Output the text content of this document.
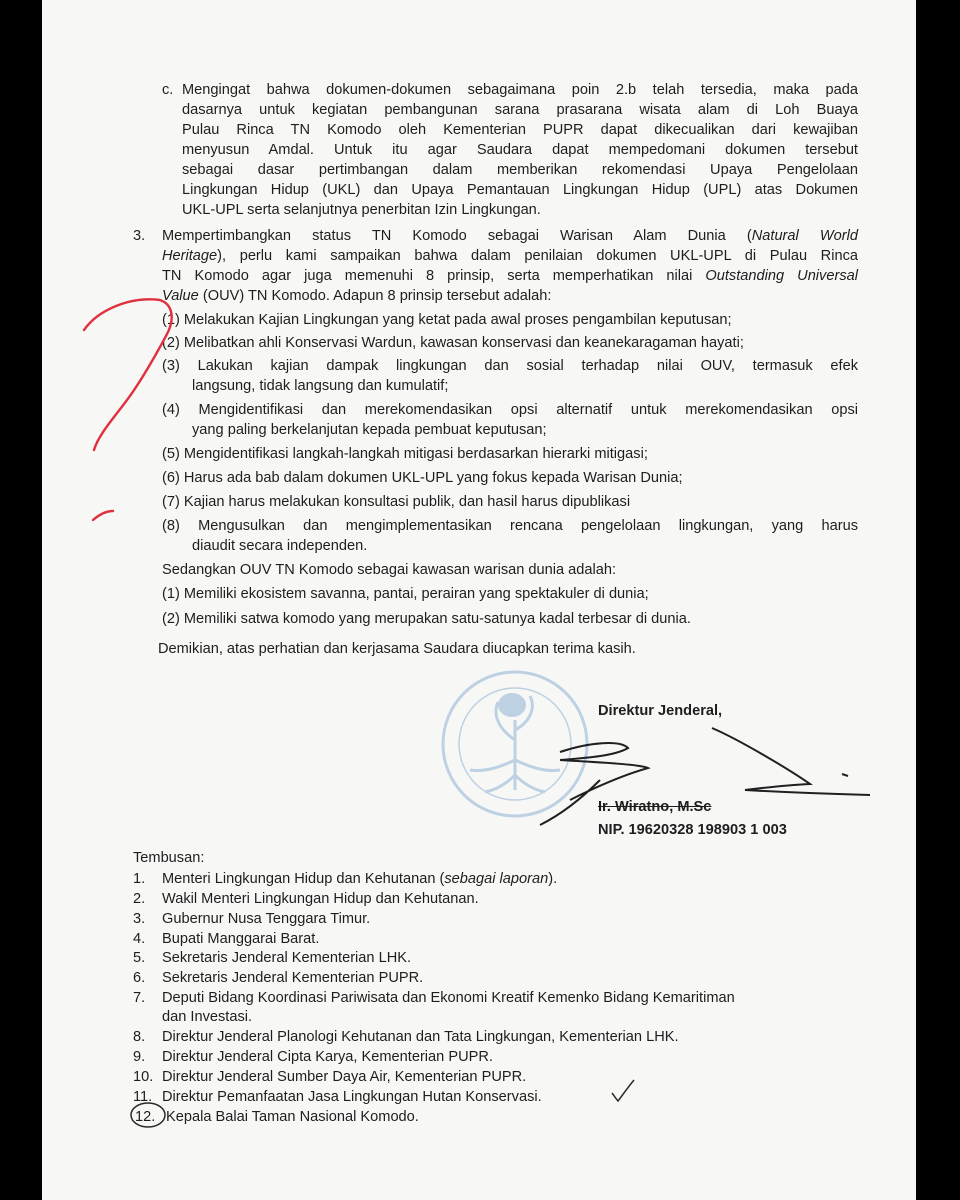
c. Mengingat bahwa dokumen-dokumen sebagaimana poin 2.b telah tersedia, maka pada
dasarnya untuk kegiatan pembangunan sarana prasarana wisata alam di Loh Buaya
Pulau Rinca TN Komodo oleh Kementerian PUPR dapat dikecualikan dari kewajiban
menyusun Amdal. Untuk itu agar Saudara dapat mempedomani dokumen tersebut
sebagai dasar pertimbangan dalam memberikan rekomendasi Upaya Pengelolaan
Lingkungan Hidup (UKL) dan Upaya Pemantauan Lingkungan Hidup (UPL) atas Dokumen
UKL-UPL serta selanjutnya penerbitan Izin Lingkungan.
3. Mempertimbangkan status TN Komodo sebagai Warisan Alam Dunia (Natural World
Heritage), perlu kami sampaikan bahwa dalam penilaian dokumen UKL-UPL di Pulau Rinca
TN Komodo agar juga memenuhi 8 prinsip, serta memperhatikan nilai Outstanding Universal
Value (OUV) TN Komodo. Adapun 8 prinsip tersebut adalah:
(1) Melakukan Kajian Lingkungan yang ketat pada awal proses pengambilan keputusan;
(2) Melibatkan ahli Konservasi Wardun, kawasan konservasi dan keanekaragaman hayati;
(3) Lakukan kajian dampak lingkungan dan sosial terhadap nilai OUV, termasuk efek
langsung, tidak langsung dan kumulatif;
(4) Mengidentifikasi dan merekomendasikan opsi alternatif untuk merekomendasikan opsi
yang paling berkelanjutan kepada pembuat keputusan;
(5) Mengidentifikasi langkah-langkah mitigasi berdasarkan hierarki mitigasi;
(6) Harus ada bab dalam dokumen UKL-UPL yang fokus kepada Warisan Dunia;
(7) Kajian harus melakukan konsultasi publik, dan hasil harus dipublikasi
(8) Mengusulkan dan mengimplementasikan rencana pengelolaan lingkungan, yang harus
diaudit secara independen.
Sedangkan OUV TN Komodo sebagai kawasan warisan dunia adalah:
(1) Memiliki ekosistem savanna, pantai, perairan yang spektakuler di dunia;
(2) Memiliki satwa komodo yang merupakan satu-satunya kadal terbesar di dunia.
Demikian, atas perhatian dan kerjasama Saudara diucapkan terima kasih.
Direktur Jenderal,
Ir. Wiratno, M.Sc
NIP. 19620328 198903 1 003
Tembusan:
1. Menteri Lingkungan Hidup dan Kehutanan (sebagai laporan).
2. Wakil Menteri Lingkungan Hidup dan Kehutanan.
3. Gubernur Nusa Tenggara Timur.
4. Bupati Manggarai Barat.
5. Sekretaris Jenderal Kementerian LHK.
6. Sekretaris Jenderal Kementerian PUPR.
7. Deputi Bidang Koordinasi Pariwisata dan Ekonomi Kreatif Kemenko Bidang Kemaritiman
dan Investasi.
8. Direktur Jenderal Planologi Kehutanan dan Tata Lingkungan, Kementerian LHK.
9. Direktur Jenderal Cipta Karya, Kementerian PUPR.
10. Direktur Jenderal Sumber Daya Air, Kementerian PUPR.
11. Direktur Pemanfaatan Jasa Lingkungan Hutan Konservasi.
12. Kepala Balai Taman Nasional Komodo.
